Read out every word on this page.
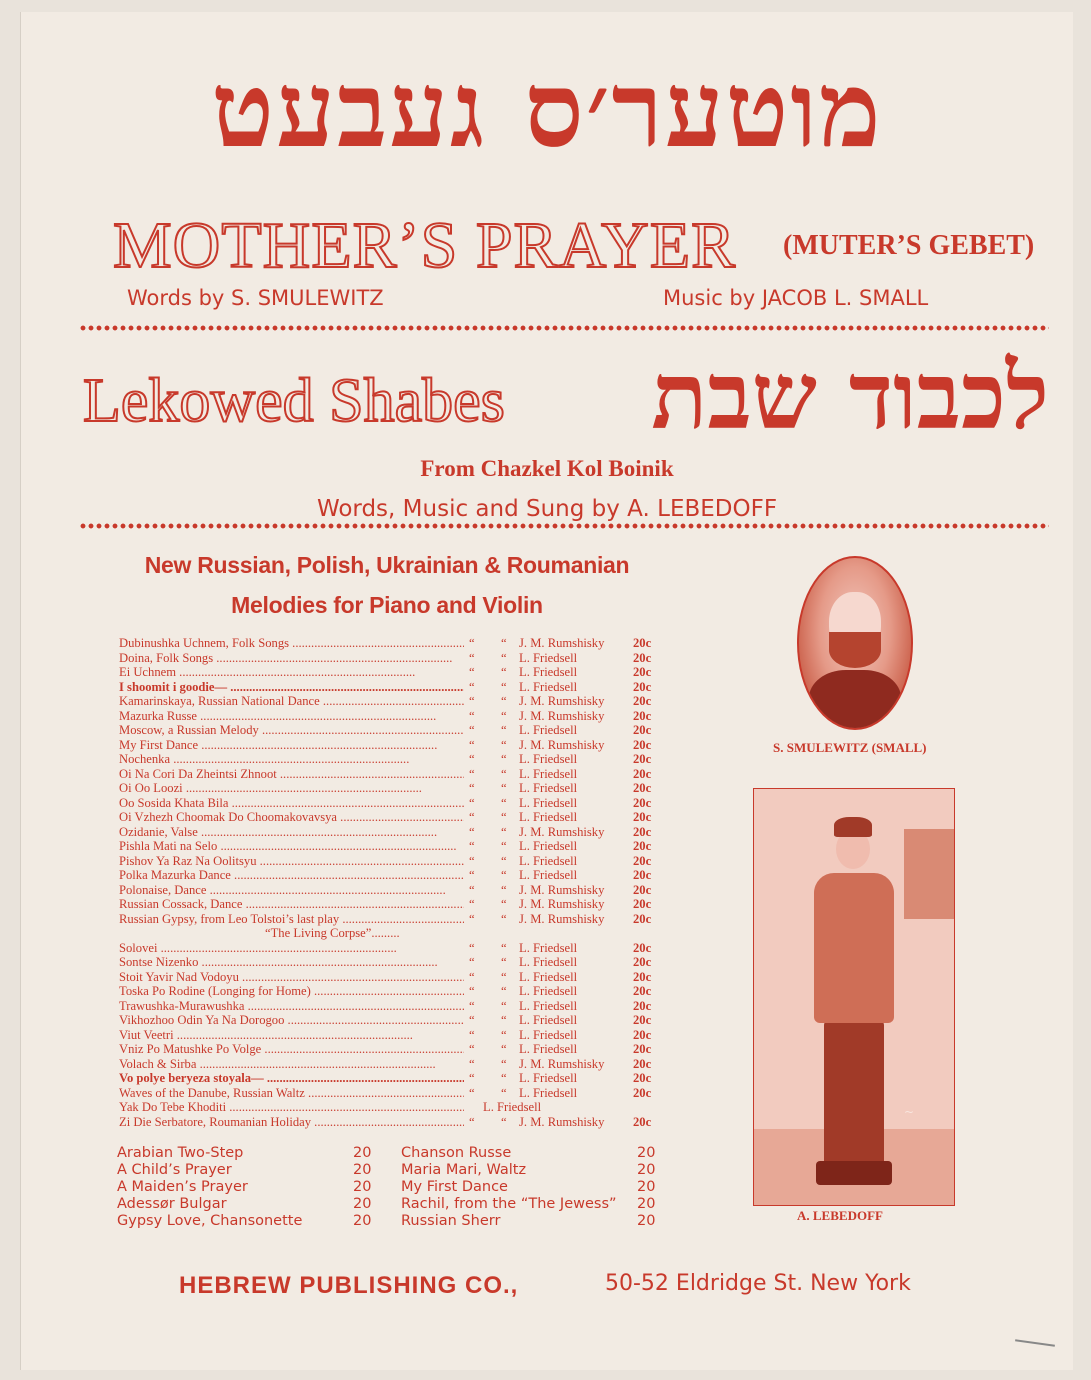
מוטער׳ס געבעט
MOTHER’S PRAYER (MUTER’S GEBET)
Words by S. SMULEWITZ	Music by JACOB L. SMALL
Lekowed Shabes לכבוד שבת
From Chazkel Kol Boinik
Words, Music and Sung by A. LEBEDOFF
New Russian, Polish, Ukrainian & Roumanian
Melodies for Piano and Violin
Dubinushka Uchnem, Folk Songs .....	“ “ J. M. Rumshisky 20c
Doina, Folk Songs .....	“ “ L. Friedsell	20c
Ei Uchnem .....	“ “ L. Friedsell	20c
I shoomit i goodie— .....	“ “ L. Friedsell	20c
Kamarinskaya, Russian National Dance .....	“ “ J. M. Rumshisky 20c
Mazurka Russe .....	“ “ J. M. Rumshisky 20c
Moscow, a Russian Melody .....	“ “ L. Friedsell	20c
My First Dance .....	“ “ J. M. Rumshisky 20c
Nochenka .....	“ “ L. Friedsell	20c
Oi Na Cori Da Zheintsi Zhnoot .....	“ “ L. Friedsell	20c
Oi Oo Loozi .....	“ “ L. Friedsell	20c
Oo Sosida Khata Bila .....	“ “ L. Friedsell	20c
Oi Vzhezh Choomak Do Choomakovavsya .....	“ “ L. Friedsell	20c
Ozidanie, Valse .....	“ “ J. M. Rumshisky 20c
Pishla Mati na Selo .....	“ “ L. Friedsell	20c
Pishov Ya Raz Na Oolitsyu .....	“ “ L. Friedsell	20c
Polka Mazurka Dance .....	“ “ L. Friedsell	20c
Polonaise, Dance .....	“ “ J. M. Rumshisky 20c
Russian Cossack, Dance .....	“ “ J. M. Rumshisky 20c
Russian Gypsy, from Leo Tolstoi’s last play .....	“ “ J. M. Rumshisky 20c
“The Living Corpse”.........
Solovei .....	“ “ L. Friedsell	20c
Sontse Nizenko .....	“ “ L. Friedsell	20c
Stoit Yavir Nad Vodoyu .....	“ “ L. Friedsell	20c
Toska Po Rodine (Longing for Home) .....	“ “ L. Friedsell	20c
Trawushka-Murawushka .....	“ “ L. Friedsell	20c
Vikhozhoo Odin Ya Na Dorogoo .....	“ “ L. Friedsell	20c
Viut Veetri .....	“ “ L. Friedsell	20c
Vniz Po Matushke Po Volge .....	“ “ L. Friedsell	20c
Volach & Sirba .....	“ “ J. M. Rumshisky 20c
Vo polye beryeza stoyala— .....	“ “ L. Friedsell	20c
Waves of the Danube, Russian Waltz .....	“ “ L. Friedsell	20c
Yak Do Tebe Khoditi .....	L. Friedsell
Zi Die Serbatore, Roumanian Holiday .....	“ “ J. M. Rumshisky 20c
Arabian Two-Step	20
A Child’s Prayer	20
A Maiden’s Prayer	20
Adessør Bulgar	20
Gypsy Love, Chansonette	20
Chanson Russe	20
Maria Mari, Waltz	20
My First Dance	20
Rachil, from the “The Jewess” 20
Russian Sherr	20
S. SMULEWITZ (SMALL)
~
A. LEBEDOFF
HEBREW PUBLISHING CO.,	50-52 Eldridge St. New York
